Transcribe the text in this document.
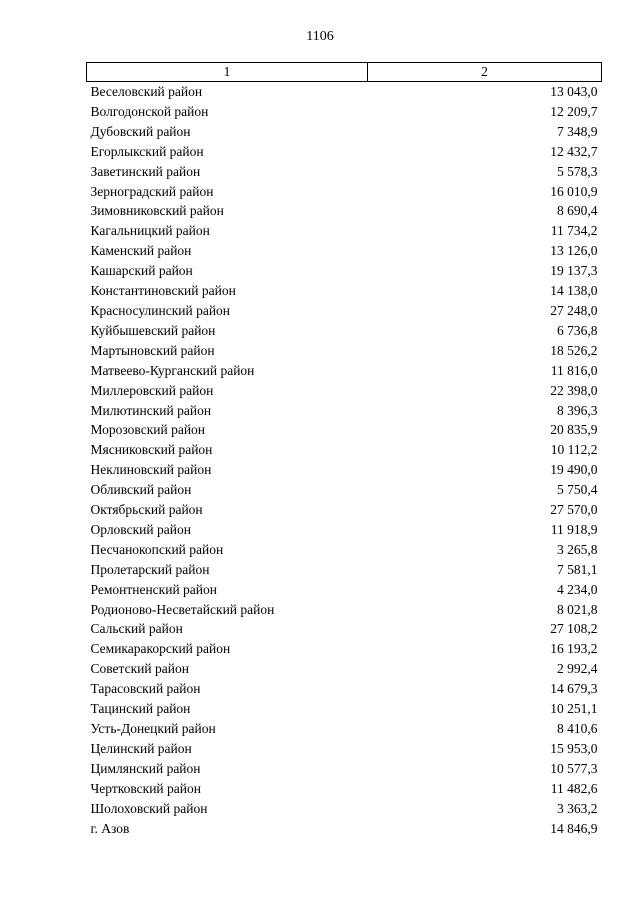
1106
1	2
Веселовский район	13 043,0
Волгодонской район	12 209,7
Дубовский район	7 348,9
Егорлыкский район	12 432,7
Заветинский район	5 578,3
Зерноградский район	16 010,9
Зимовниковский район	8 690,4
Кагальницкий район	11 734,2
Каменский район	13 126,0
Кашарский район	19 137,3
Константиновский район	14 138,0
Красносулинский район	27 248,0
Куйбышевский район	6 736,8
Мартыновский район	18 526,2
Матвеево-Курганский район	11 816,0
Миллеровский район	22 398,0
Милютинский район	8 396,3
Морозовский район	20 835,9
Мясниковский район	10 112,2
Неклиновский район	19 490,0
Обливский район	5 750,4
Октябрьский район	27 570,0
Орловский район	11 918,9
Песчанокопский район	3 265,8
Пролетарский район	7 581,1
Ремонтненский район	4 234,0
Родионово-Несветайский район	8 021,8
Сальский район	27 108,2
Семикаракорский район	16 193,2
Советский район	2 992,4
Тарасовский район	14 679,3
Тацинский район	10 251,1
Усть-Донецкий район	8 410,6
Целинский район	15 953,0
Цимлянский район	10 577,3
Чертковский район	11 482,6
Шолоховский район	3 363,2
г. Азов	14 846,9
